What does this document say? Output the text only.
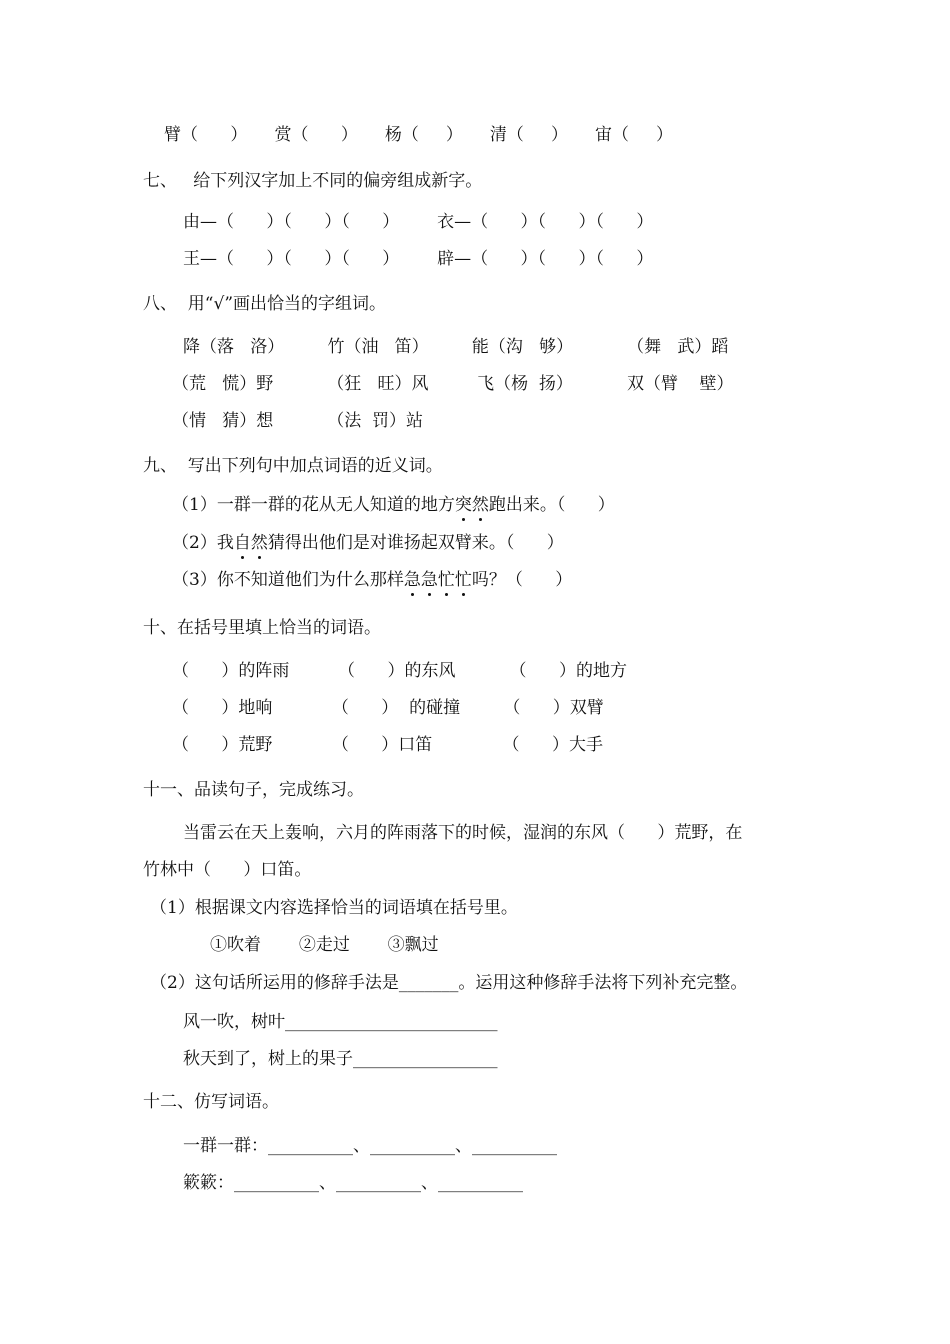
臂（      ）     赏（      ）     杨（     ）     清（     ）     宙（     ）
七、   给下列汉字加上不同的偏旁组成新字。
由—（      ）（      ）（      ）       衣—（      ）（      ）（      ）
王—（      ）（      ）（      ）       辟—（      ）（      ）（      ）
八、  用“√”画出恰当的字组词。
降（落   洛）        竹（油   笛）        能（沟   够）          （舞   武）蹈
（荒   慌）野          （狂   旺）风         飞（杨  扬）          双（臂    壁）
（情   猜）想          （法  罚）站
九、  写出下列句中加点词语的近义词。
（1）一群一群的花从无人知道的地方突然跑出来。（      ）
（2）我自然猜得出他们是对谁扬起双臂来。（      ）
（3）你不知道他们为什么那样急急忙忙吗？（      ）
十、在括号里填上恰当的词语。
（      ）的阵雨         （      ）的东风          （      ）的地方
（      ）地响           （      ）  的碰撞        （      ）双臂
（      ）荒野           （      ）口笛             （      ）大手
十一、品读句子，完成练习。
当雷云在天上轰响，六月的阵雨落下的时候，湿润的东风（      ）荒野，在
竹林中（      ）口笛。
（1）根据课文内容选择恰当的词语填在括号里。
①吹着       ②走过       ③飘过
（2）这句话所运用的修辞手法是_______。运用这种修辞手法将下列补充完整。
风一吹，树叶_________________________
秋天到了，树上的果子_________________
十二、仿写词语。
一群一群：__________、__________、__________
簌簌：__________、__________、__________
